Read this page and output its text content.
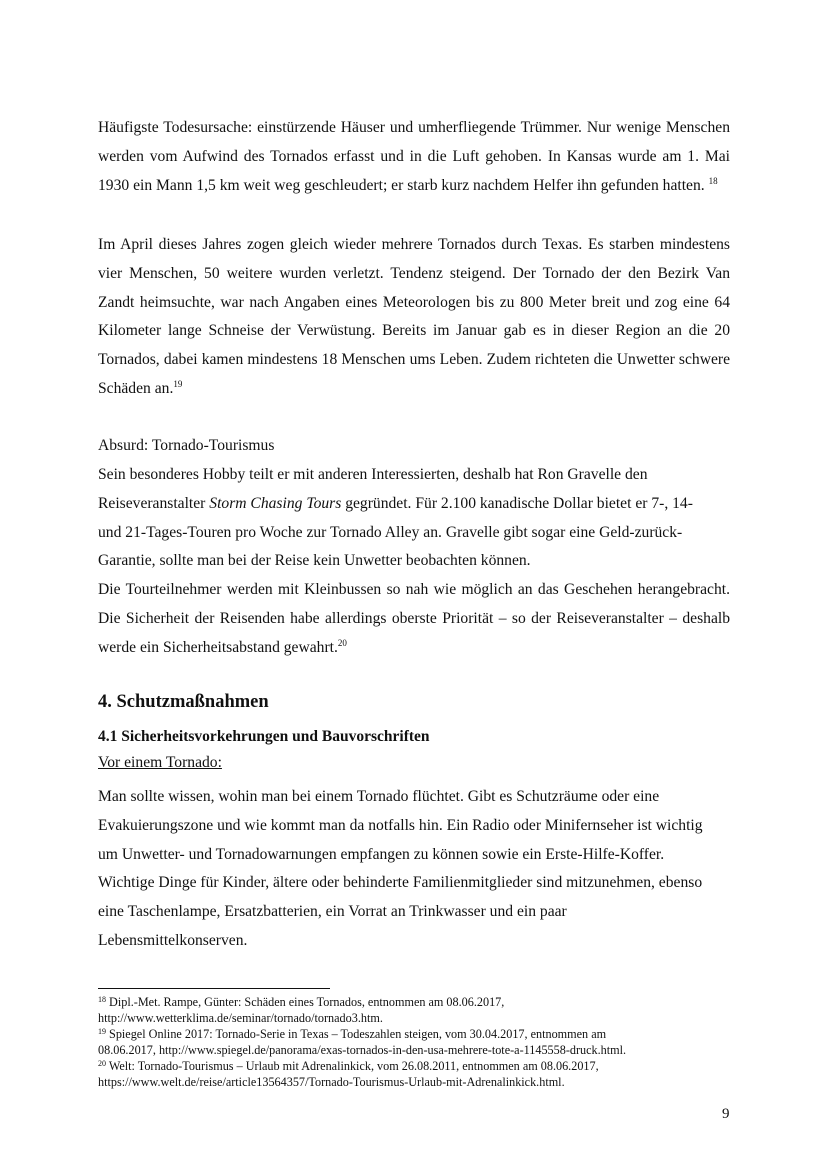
Häufigste Todesursache: einstürzende Häuser und umherfliegende Trümmer. Nur wenige Menschen werden vom Aufwind des Tornados erfasst und in die Luft gehoben. In Kansas wurde am 1. Mai 1930 ein Mann 1,5 km weit weg geschleudert; er starb kurz nachdem Helfer ihn gefunden hatten. $^{18}$

Im April dieses Jahres zogen gleich wieder mehrere Tornados durch Texas. Es starben mindestens vier Menschen, 50 weitere wurden verletzt. Tendenz steigend. Der Tornado der den Bezirk Van Zandt heimsuchte, war nach Angaben eines Meteorologen bis zu 800 Meter breit und zog eine 64 Kilometer lange Schneise der Verwüstung. Bereits im Januar gab es in dieser Region an die 20 Tornados, dabei kamen mindestens 18 Menschen ums Leben. Zudem richteten die Unwetter schwere Schäden an.$^{19}$

Absurd: Tornado-Tourismus

Sein besonderes Hobby teilt er mit anderen Interessierten, deshalb hat Ron Gravelle den Reiseveranstalter Storm Chasing Tours gegründet. Für 2.100 kanadische Dollar bietet er 7-, 14- und 21-Tages-Touren pro Woche zur Tornado Alley an. Gravelle gibt sogar eine Geld-zurück-Garantie, sollte man bei der Reise kein Unwetter beobachten können.

Die Tourteilnehmer werden mit Kleinbussen so nah wie möglich an das Geschehen herangebracht. Die Sicherheit der Reisenden habe allerdings oberste Priorität – so der Reiseveranstalter – deshalb werde ein Sicherheitsabstand gewahrt.$^{20}$

4. Schutzmaßnahmen
4.1 Sicherheitsvorkehrungen und Bauvorschriften
Vor einem Tornado:

Man sollte wissen, wohin man bei einem Tornado flüchtet. Gibt es Schutzräume oder eine Evakuierungszone und wie kommt man da notfalls hin. Ein Radio oder Minifernseher ist wichtig um Unwetter- und Tornadowarnungen empfangen zu können sowie ein Erste-Hilfe-Koffer. Wichtige Dinge für Kinder, ältere oder behinderte Familienmitglieder sind mitzunehmen, ebenso eine Taschenlampe, Ersatzbatterien, ein Vorrat an Trinkwasser und ein paar Lebensmittelkonserven.

$^{18}$ Dipl.-Met. Rampe, Günter: Schäden eines Tornados, entnommen am 08.06.2017,
http://www.wetterklima.de/seminar/tornado/tornado3.htm.
$^{19}$ Spiegel Online 2017: Tornado-Serie in Texas – Todeszahlen steigen, vom 30.04.2017, entnommen am
08.06.2017, http://www.spiegel.de/panorama/exas-tornados-in-den-usa-mehrere-tote-a-1145558-druck.html.
$^{20}$ Welt: Tornado-Tourismus – Urlaub mit Adrenalinkick, vom 26.08.2011, entnommen am 08.06.2017,
https://www.welt.de/reise/article13564357/Tornado-Tourismus-Urlaub-mit-Adrenalinkick.html.
9
